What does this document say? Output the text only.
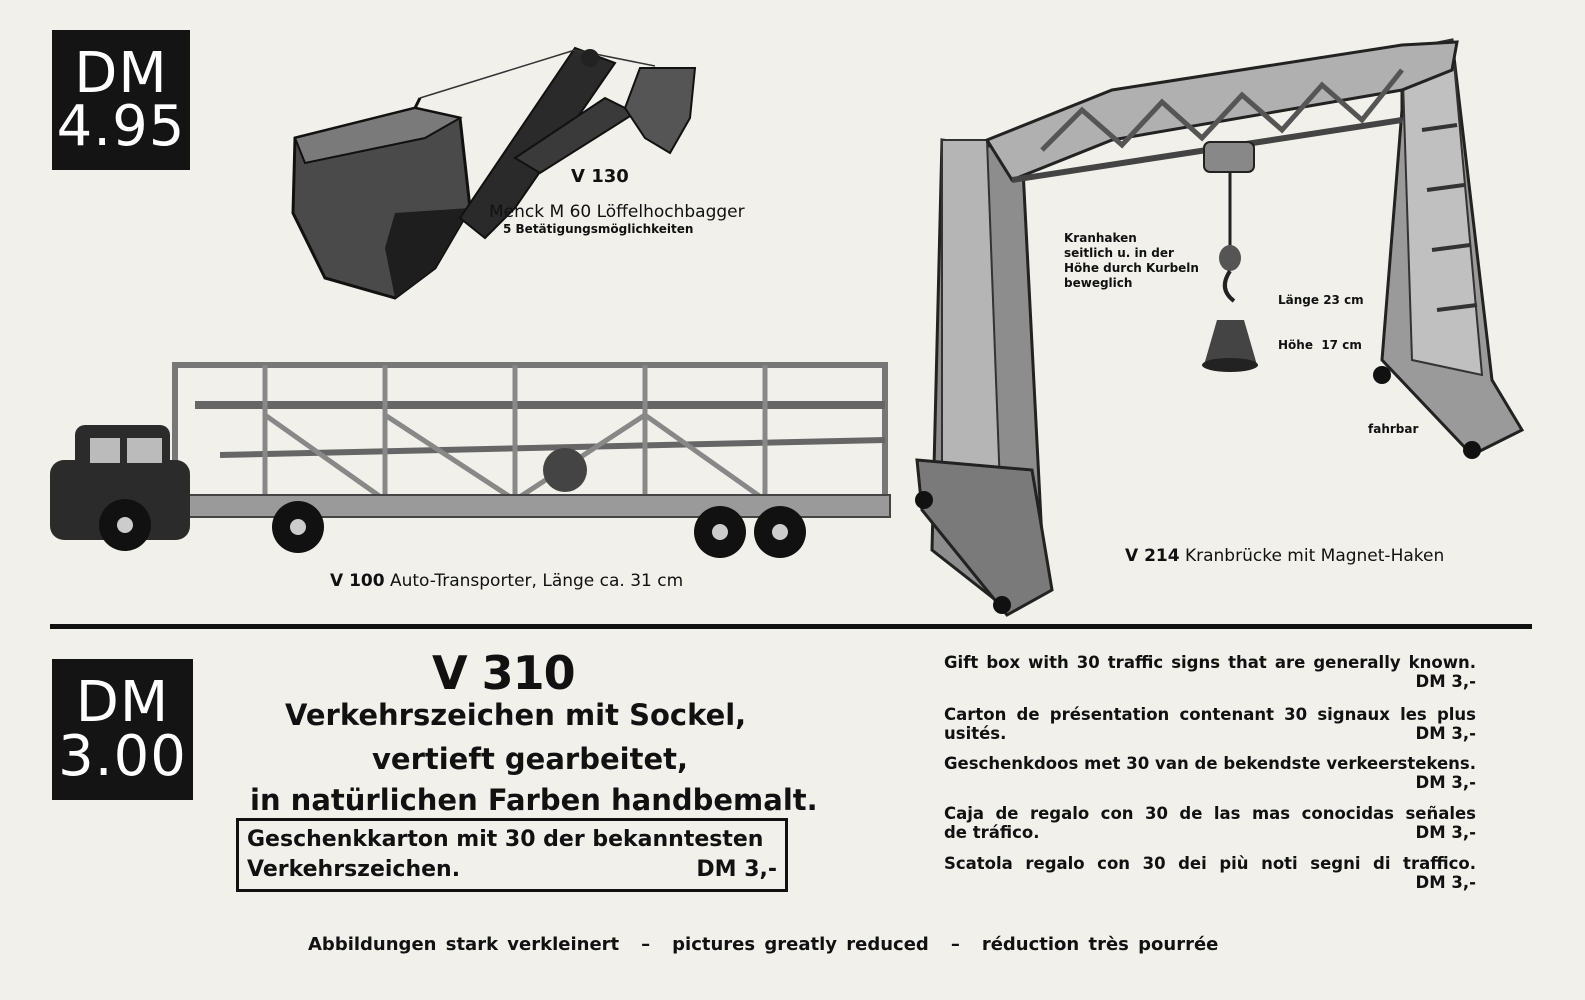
DM
4.95
V 130
Menck M 60 Löffelhochbagger
5 Betätigungsmöglichkeiten
V 100 Auto-Transporter, Länge ca. 31 cm
Kranhaken
seitlich u. in der
Höhe durch Kurbeln
beweglich

Länge 23 cm

Höhe  17 cm

fahrbar
V 214 Kranbrücke mit Magnet-Haken
DM
3.00
V 310
Verkehrszeichen mit Sockel,
vertieft gearbeitet,
in natürlichen Farben handbemalt.
Geschenkkarton mit 30 der bekanntesten
Verkehrszeichen.	DM 3,-
Gift box with 30 traffic signs that are generally known.
DM 3,-
Carton de présentation contenant 30 signaux les plus
usités.	DM 3,-
Geschenkdoos met 30 van de bekendste verkeerstekens.
DM 3,-
Caja de regalo con 30 de las mas conocidas señales
de tráfico.	DM 3,-
Scatola regalo con 30 dei più noti segni di traffico.
DM 3,-
Abbildungen stark verkleinert – pictures greatly reduced – réduction très pourrée
